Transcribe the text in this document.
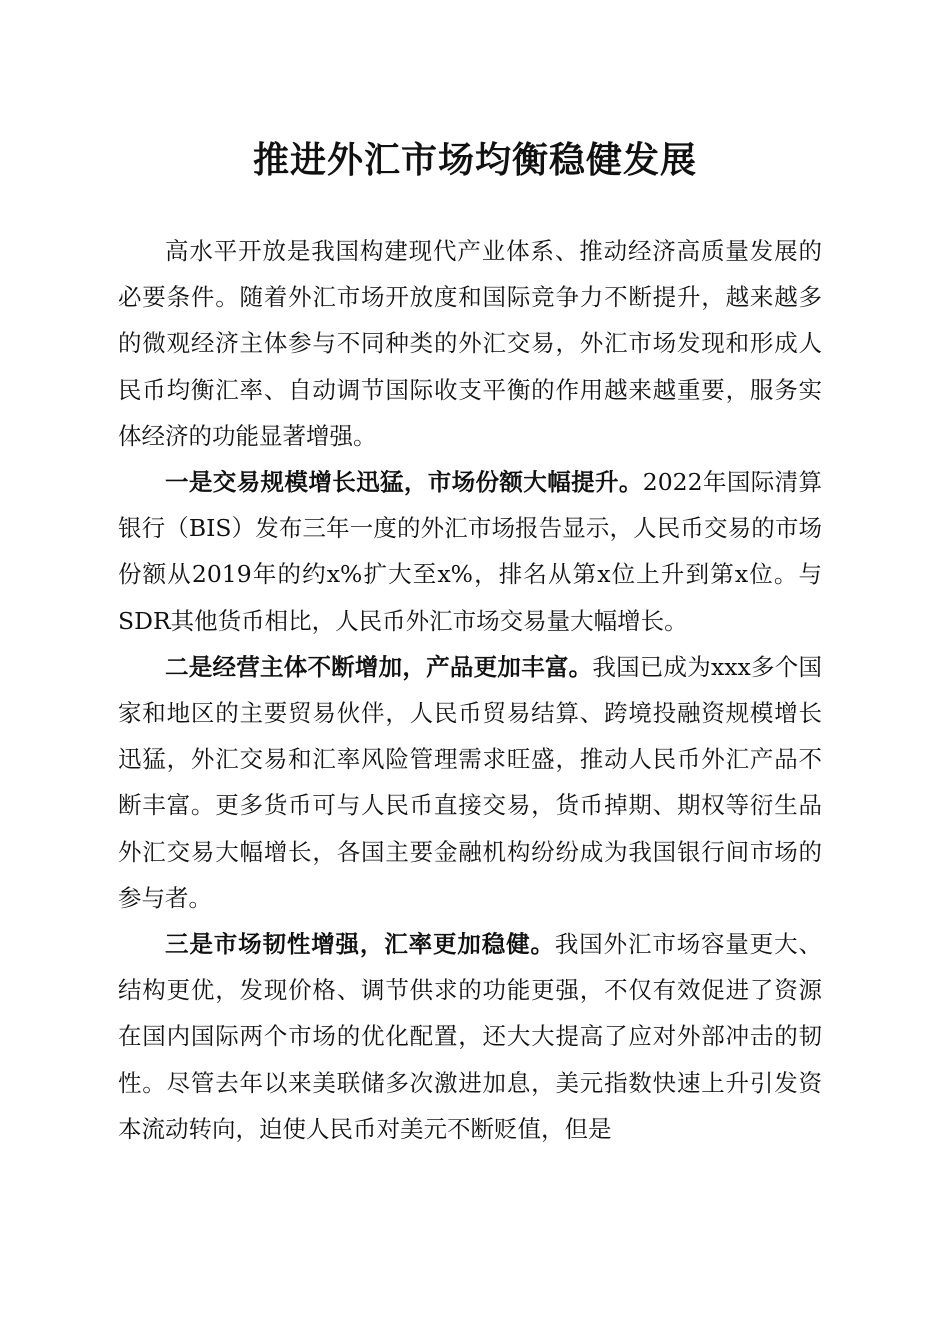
推进外汇市场均衡稳健发展

高水平开放是我国构建现代产业体系、推动经济高质量发展的必要条件。随着外汇市场开放度和国际竞争力不断提升，越来越多的微观经济主体参与不同种类的外汇交易，外汇市场发现和形成人民币均衡汇率、自动调节国际收支平衡的作用越来越重要，服务实体经济的功能显著增强。

一是交易规模增长迅猛，市场份额大幅提升。2022年国际清算银行（BIS）发布三年一度的外汇市场报告显示，人民币交易的市场份额从2019年的约x%扩大至x%，排名从第x位上升到第x位。与SDR其他货币相比，人民币外汇市场交易量大幅增长。

二是经营主体不断增加，产品更加丰富。我国已成为xxx多个国家和地区的主要贸易伙伴，人民币贸易结算、跨境投融资规模增长迅猛，外汇交易和汇率风险管理需求旺盛，推动人民币外汇产品不断丰富。更多货币可与人民币直接交易，货币掉期、期权等衍生品外汇交易大幅增长，各国主要金融机构纷纷成为我国银行间市场的参与者。

三是市场韧性增强，汇率更加稳健。我国外汇市场容量更大、结构更优，发现价格、调节供求的功能更强，不仅有效促进了资源在国内国际两个市场的优化配置，还大大提高了应对外部冲击的韧性。尽管去年以来美联储多次激进加息，美元指数快速上升引发资本流动转向，迫使人民币对美元不断贬值，但是
